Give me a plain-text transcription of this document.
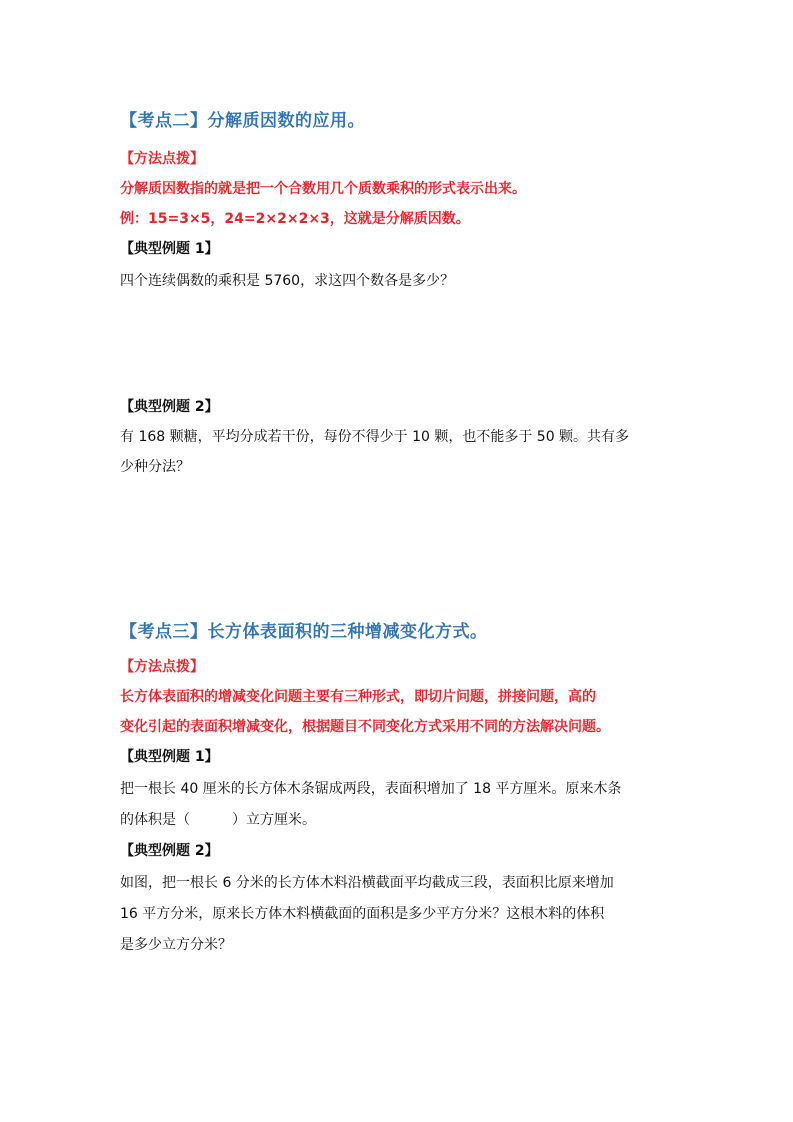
【考点二】分解质因数的应用。
【方法点拨】
分解质因数指的就是把一个合数用几个质数乘积的形式表示出来。
例：15=3×5，24=2×2×2×3，这就是分解质因数。
【典型例题 1】
四个连续偶数的乘积是 5760，求这四个数各是多少？
【典型例题 2】
有 168 颗糖，平均分成若干份，每份不得少于 10 颗，也不能多于 50 颗。共有多
少种分法？
【考点三】长方体表面积的三种增减变化方式。
【方法点拨】
长方体表面积的增减变化问题主要有三种形式，即切片问题，拼接问题，高的
变化引起的表面积增减变化，根据题目不同变化方式采用不同的方法解决问题。
【典型例题 1】
把一根长 40 厘米的长方体木条锯成两段，表面积增加了 18 平方厘米。原来木条
的体积是（　　　）立方厘米。
【典型例题 2】
如图，把一根长 6 分米的长方体木料沿横截面平均截成三段，表面积比原来增加
16 平方分米，原来长方体木料横截面的面积是多少平方分米？这根木料的体积
是多少立方分米？
